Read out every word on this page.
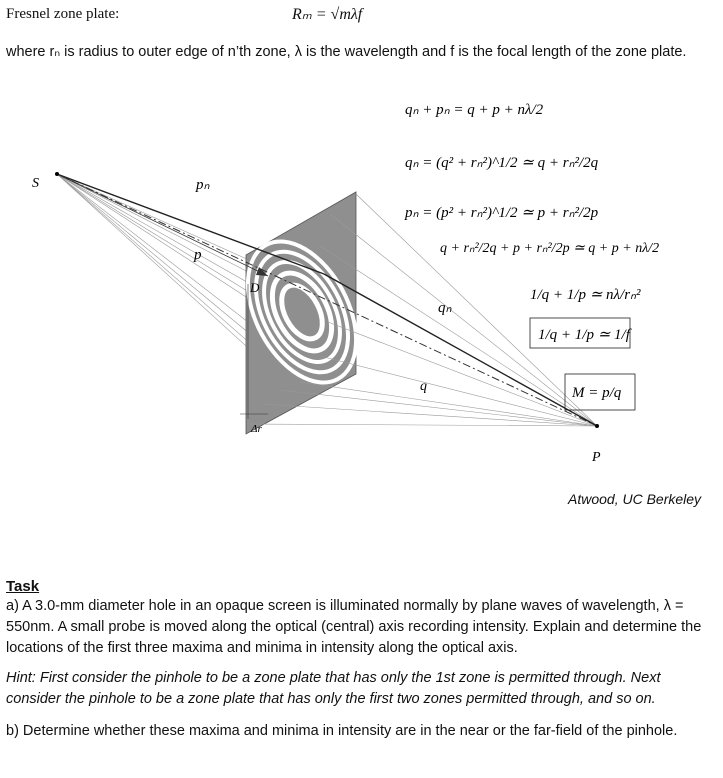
Fresnel zone plate:	Rₘ = √mλf
where rₙ is radius to outer edge of n’th zone, λ is the wavelength and f is the focal length of the zone plate.
S	pₙ
p
D
qₙ
q
Δr
P
qₙ + pₙ = q + p + nλ/2
qₙ = (q² + rₙ²)^1/2 ≃ q + rₙ²/2q
pₙ = (p² + rₙ²)^1/2 ≃ p + rₙ²/2p
q + rₙ²/2q + p + rₙ²/2p ≃ q + p + nλ/2
1/q + 1/p ≃ nλ/rₙ²
1/q + 1/p ≃ 1/f
M = p/q
Atwood, UC Berkeley
Task
a) A 3.0-mm diameter hole in an opaque screen is illuminated normally by plane waves of wavelength, λ = 550nm. A small probe is moved along the optical (central) axis recording intensity. Explain and determine the locations of the first three maxima and minima in intensity along the optical axis.
Hint: First consider the pinhole to be a zone plate that has only the 1st zone is permitted through. Next consider the pinhole to be a zone plate that has only the first two zones permitted through, and so on.
b) Determine whether these maxima and minima in intensity are in the near or the far-field of the pinhole.
